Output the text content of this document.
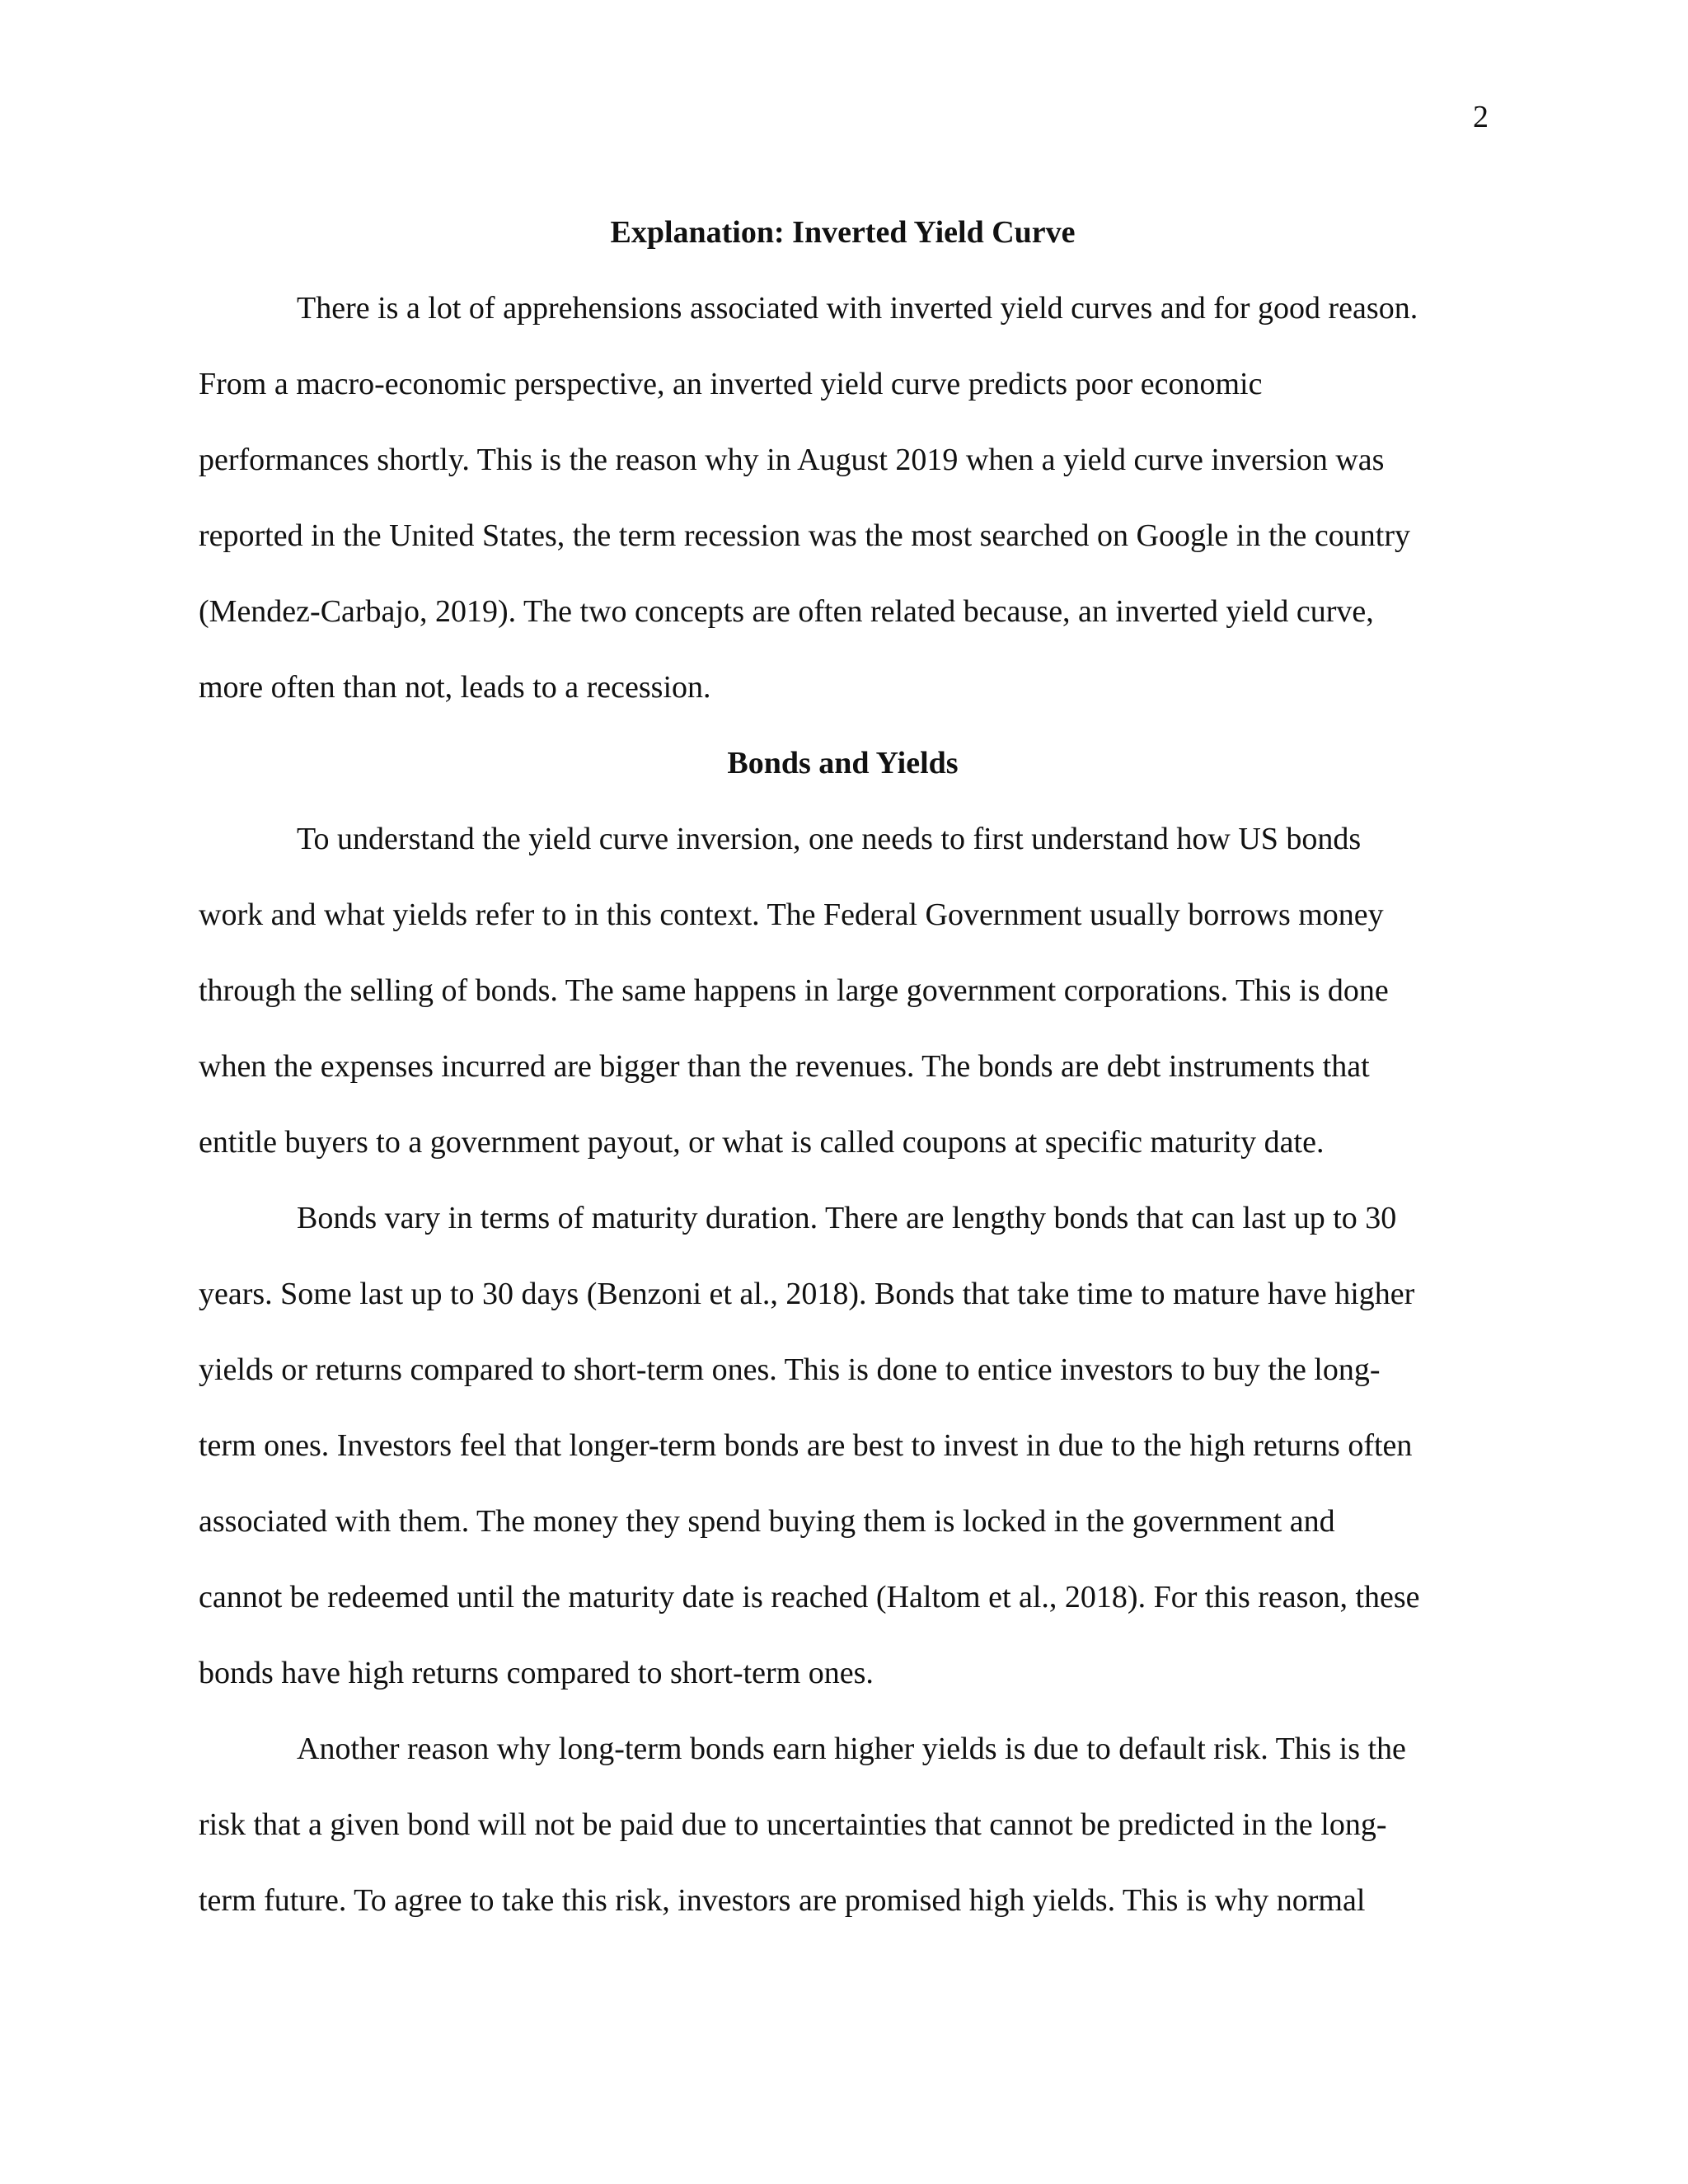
2
Explanation: Inverted Yield Curve

There is a lot of apprehensions associated with inverted yield curves and for good reason.
From a macro-economic perspective, an inverted yield curve predicts poor economic
performances shortly. This is the reason why in August 2019 when a yield curve inversion was
reported in the United States, the term recession was the most searched on Google in the country
(Mendez-Carbajo, 2019). The two concepts are often related because, an inverted yield curve,
more often than not, leads to a recession.

Bonds and Yields

To understand the yield curve inversion, one needs to first understand how US bonds
work and what yields refer to in this context. The Federal Government usually borrows money
through the selling of bonds. The same happens in large government corporations. This is done
when the expenses incurred are bigger than the revenues. The bonds are debt instruments that
entitle buyers to a government payout, or what is called coupons at specific maturity date.

Bonds vary in terms of maturity duration. There are lengthy bonds that can last up to 30
years. Some last up to 30 days (Benzoni et al., 2018). Bonds that take time to mature have higher
yields or returns compared to short-term ones. This is done to entice investors to buy the long-
term ones. Investors feel that longer-term bonds are best to invest in due to the high returns often
associated with them. The money they spend buying them is locked in the government and
cannot be redeemed until the maturity date is reached (Haltom et al., 2018). For this reason, these
bonds have high returns compared to short-term ones.

Another reason why long-term bonds earn higher yields is due to default risk. This is the
risk that a given bond will not be paid due to uncertainties that cannot be predicted in the long-
term future. To agree to take this risk, investors are promised high yields. This is why normal
